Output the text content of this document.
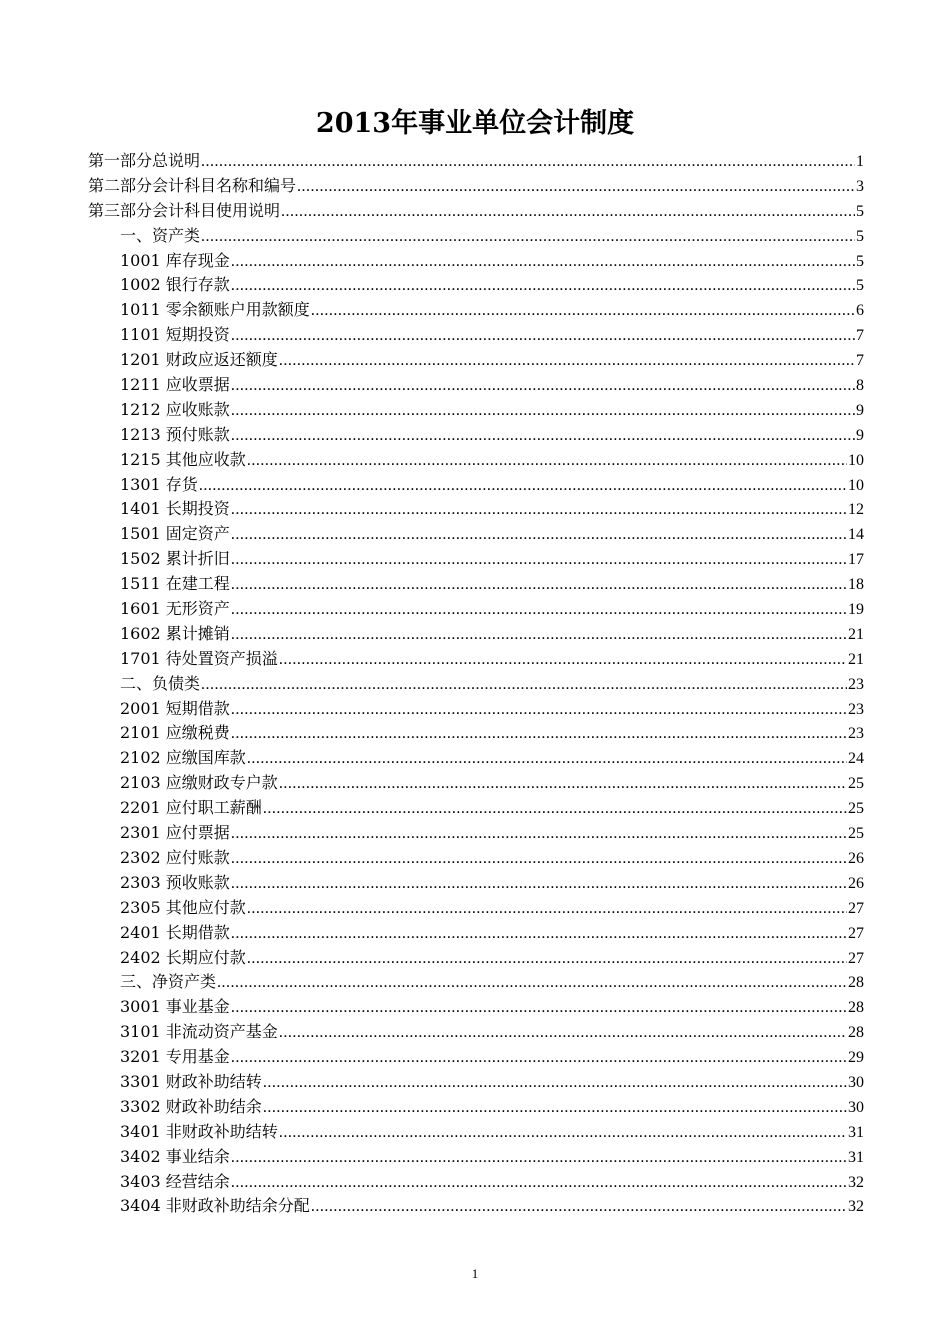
2013年事业单位会计制度
第一部分总说明 .....	1
第二部分会计科目名称和编号 .....	3
第三部分会计科目使用说明 .....	5
一、资产类 .....	5
1001 库存现金 .....	5
1002 银行存款 .....	5
1011 零余额账户用款额度 .....	6
1101 短期投资 .....	7
1201 财政应返还额度 .....	7
1211 应收票据 .....	8
1212 应收账款 .....	9
1213 预付账款 .....	9
1215 其他应收款 .....	10
1301 存货 .....	10
1401 长期投资 .....	12
1501 固定资产 .....	14
1502 累计折旧 .....	17
1511 在建工程 .....	18
1601 无形资产 .....	19
1602 累计摊销 .....	21
1701 待处置资产损溢 .....	21
二、负债类 .....	23
2001 短期借款 .....	23
2101 应缴税费 .....	23
2102 应缴国库款 .....	24
2103 应缴财政专户款 .....	25
2201 应付职工薪酬 .....	25
2301 应付票据 .....	25
2302 应付账款 .....	26
2303 预收账款 .....	26
2305 其他应付款 .....	27
2401 长期借款 .....	27
2402 长期应付款 .....	27
三、净资产类 .....	28
3001 事业基金 .....	28
3101 非流动资产基金 .....	28
3201 专用基金 .....	29
3301 财政补助结转 .....	30
3302 财政补助结余 .....	30
3401 非财政补助结转 .....	31
3402 事业结余 .....	31
3403 经营结余 .....	32
3404 非财政补助结余分配 .....	32
1
